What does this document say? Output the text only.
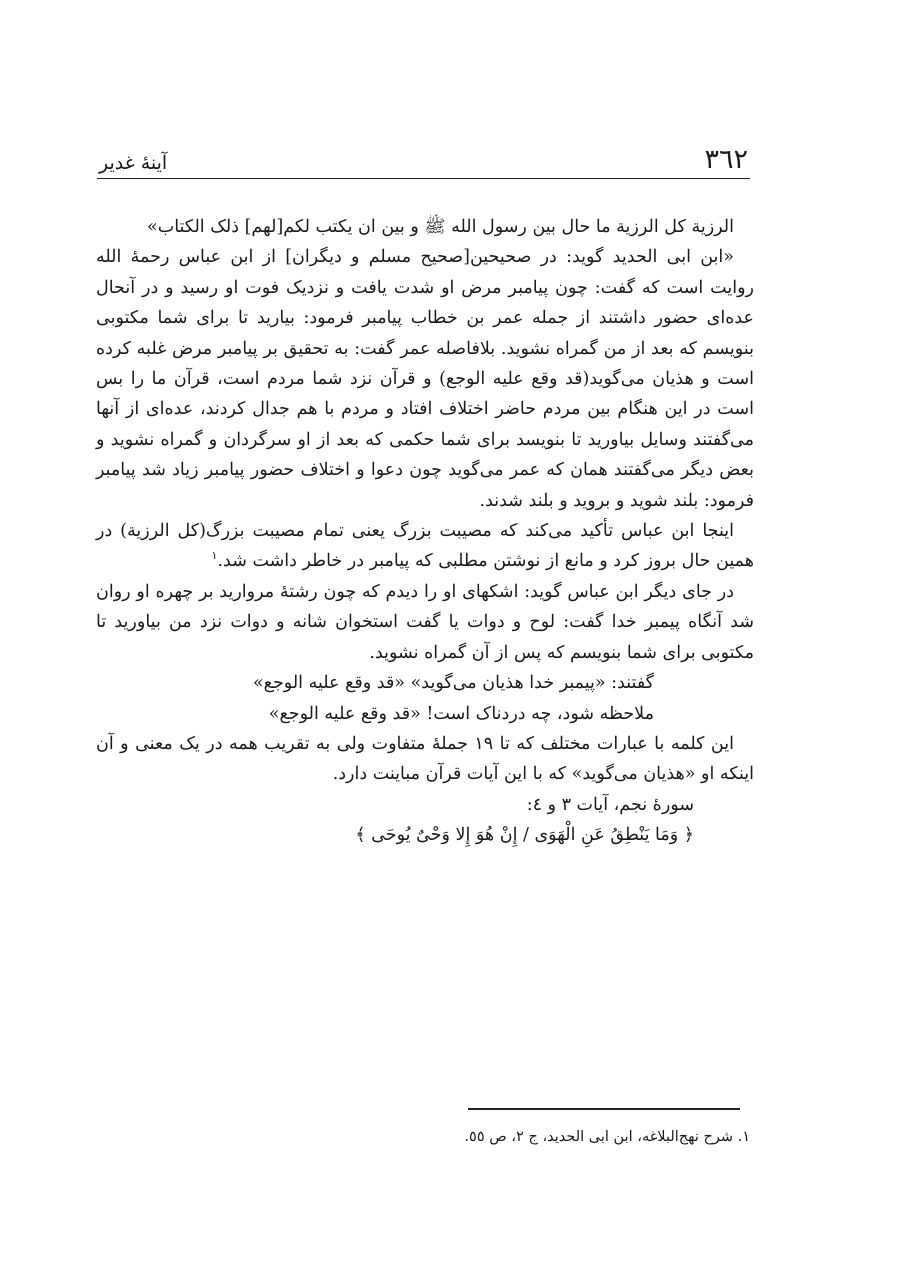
٣٦٢
آینهٔ غدیر

الرزیة کل الرزیة ما حال بین رسول الله ﷺ و بین ان یکتب لکم[لهم] ذلک الکتاب»

«ابن ابی الحدید گوید: در صحیحین[صحیح مسلم و دیگران] از ابن عباس رحمهٔ الله روایت است که گفت: چون پیامبر مرض او شدت یافت و نزدیک فوت او رسید و در آنحال عده‌ای حضور داشتند از جمله عمر بن خطاب پیامبر فرمود: بیارید تا برای شما مکتوبی بنویسم که بعد از من گمراه نشوید. بلافاصله عمر گفت: به تحقیق بر پیامبر مرض غلبه کرده است و هذیان می‌گوید(قد وقع علیه الوجع) و قرآن نزد شما مردم است، قرآن ما را بس است در این هنگام بین مردم حاضر اختلاف افتاد و مردم با هم جدال کردند، عده‌ای از آنها می‌گفتند وسایل بیاورید تا بنویسد برای شما حکمی که بعد از او سرگردان و گمراه نشوید و بعض دیگر می‌گفتند همان که عمر می‌گوید چون دعوا و اختلاف حضور پیامبر زیاد شد پیامبر فرمود: بلند شوید و بروید و بلند شدند.

اینجا ابن عباس تأکید می‌کند که مصیبت بزرگ یعنی تمام مصیبت بزرگ(کل الرزیة) در همین حال بروز کرد و مانع از نوشتن مطلبی که پیامبر در خاطر داشت شد.$^١$

در جای دیگر ابن عباس گوید: اشکهای او را دیدم که چون رشتهٔ مروارید بر چهره او روان شد آنگاه پیمبر خدا گفت: لوح و دوات یا گفت استخوان شانه و دوات نزد من بیاورید تا مکتوبی برای شما بنویسم که پس از آن گمراه نشوید.

گفتند: «پیمبر خدا هذیان می‌گوید» «قد وقع علیه الوجع»

ملاحظه شود، چه دردناک است! «قد وقع علیه الوجع»

این کلمه با عبارات مختلف که تا ١٩ جملهٔ متفاوت ولی به تقریب همه در یک معنی و آن اینکه او «هذیان می‌گوید» که با این آیات قرآن مباینت دارد.

سورهٔ نجم، آیات ٣ و ٤:

﴿ وَمَا یَنْطِقُ عَنِ الْهَوَی / إِنْ هُوَ إِلا وَحْیٌ یُوحَی ﴾

١. شرح نهج‌البلاغه، ابن ابی الحدید، ج ٢، ص ٥٥.
